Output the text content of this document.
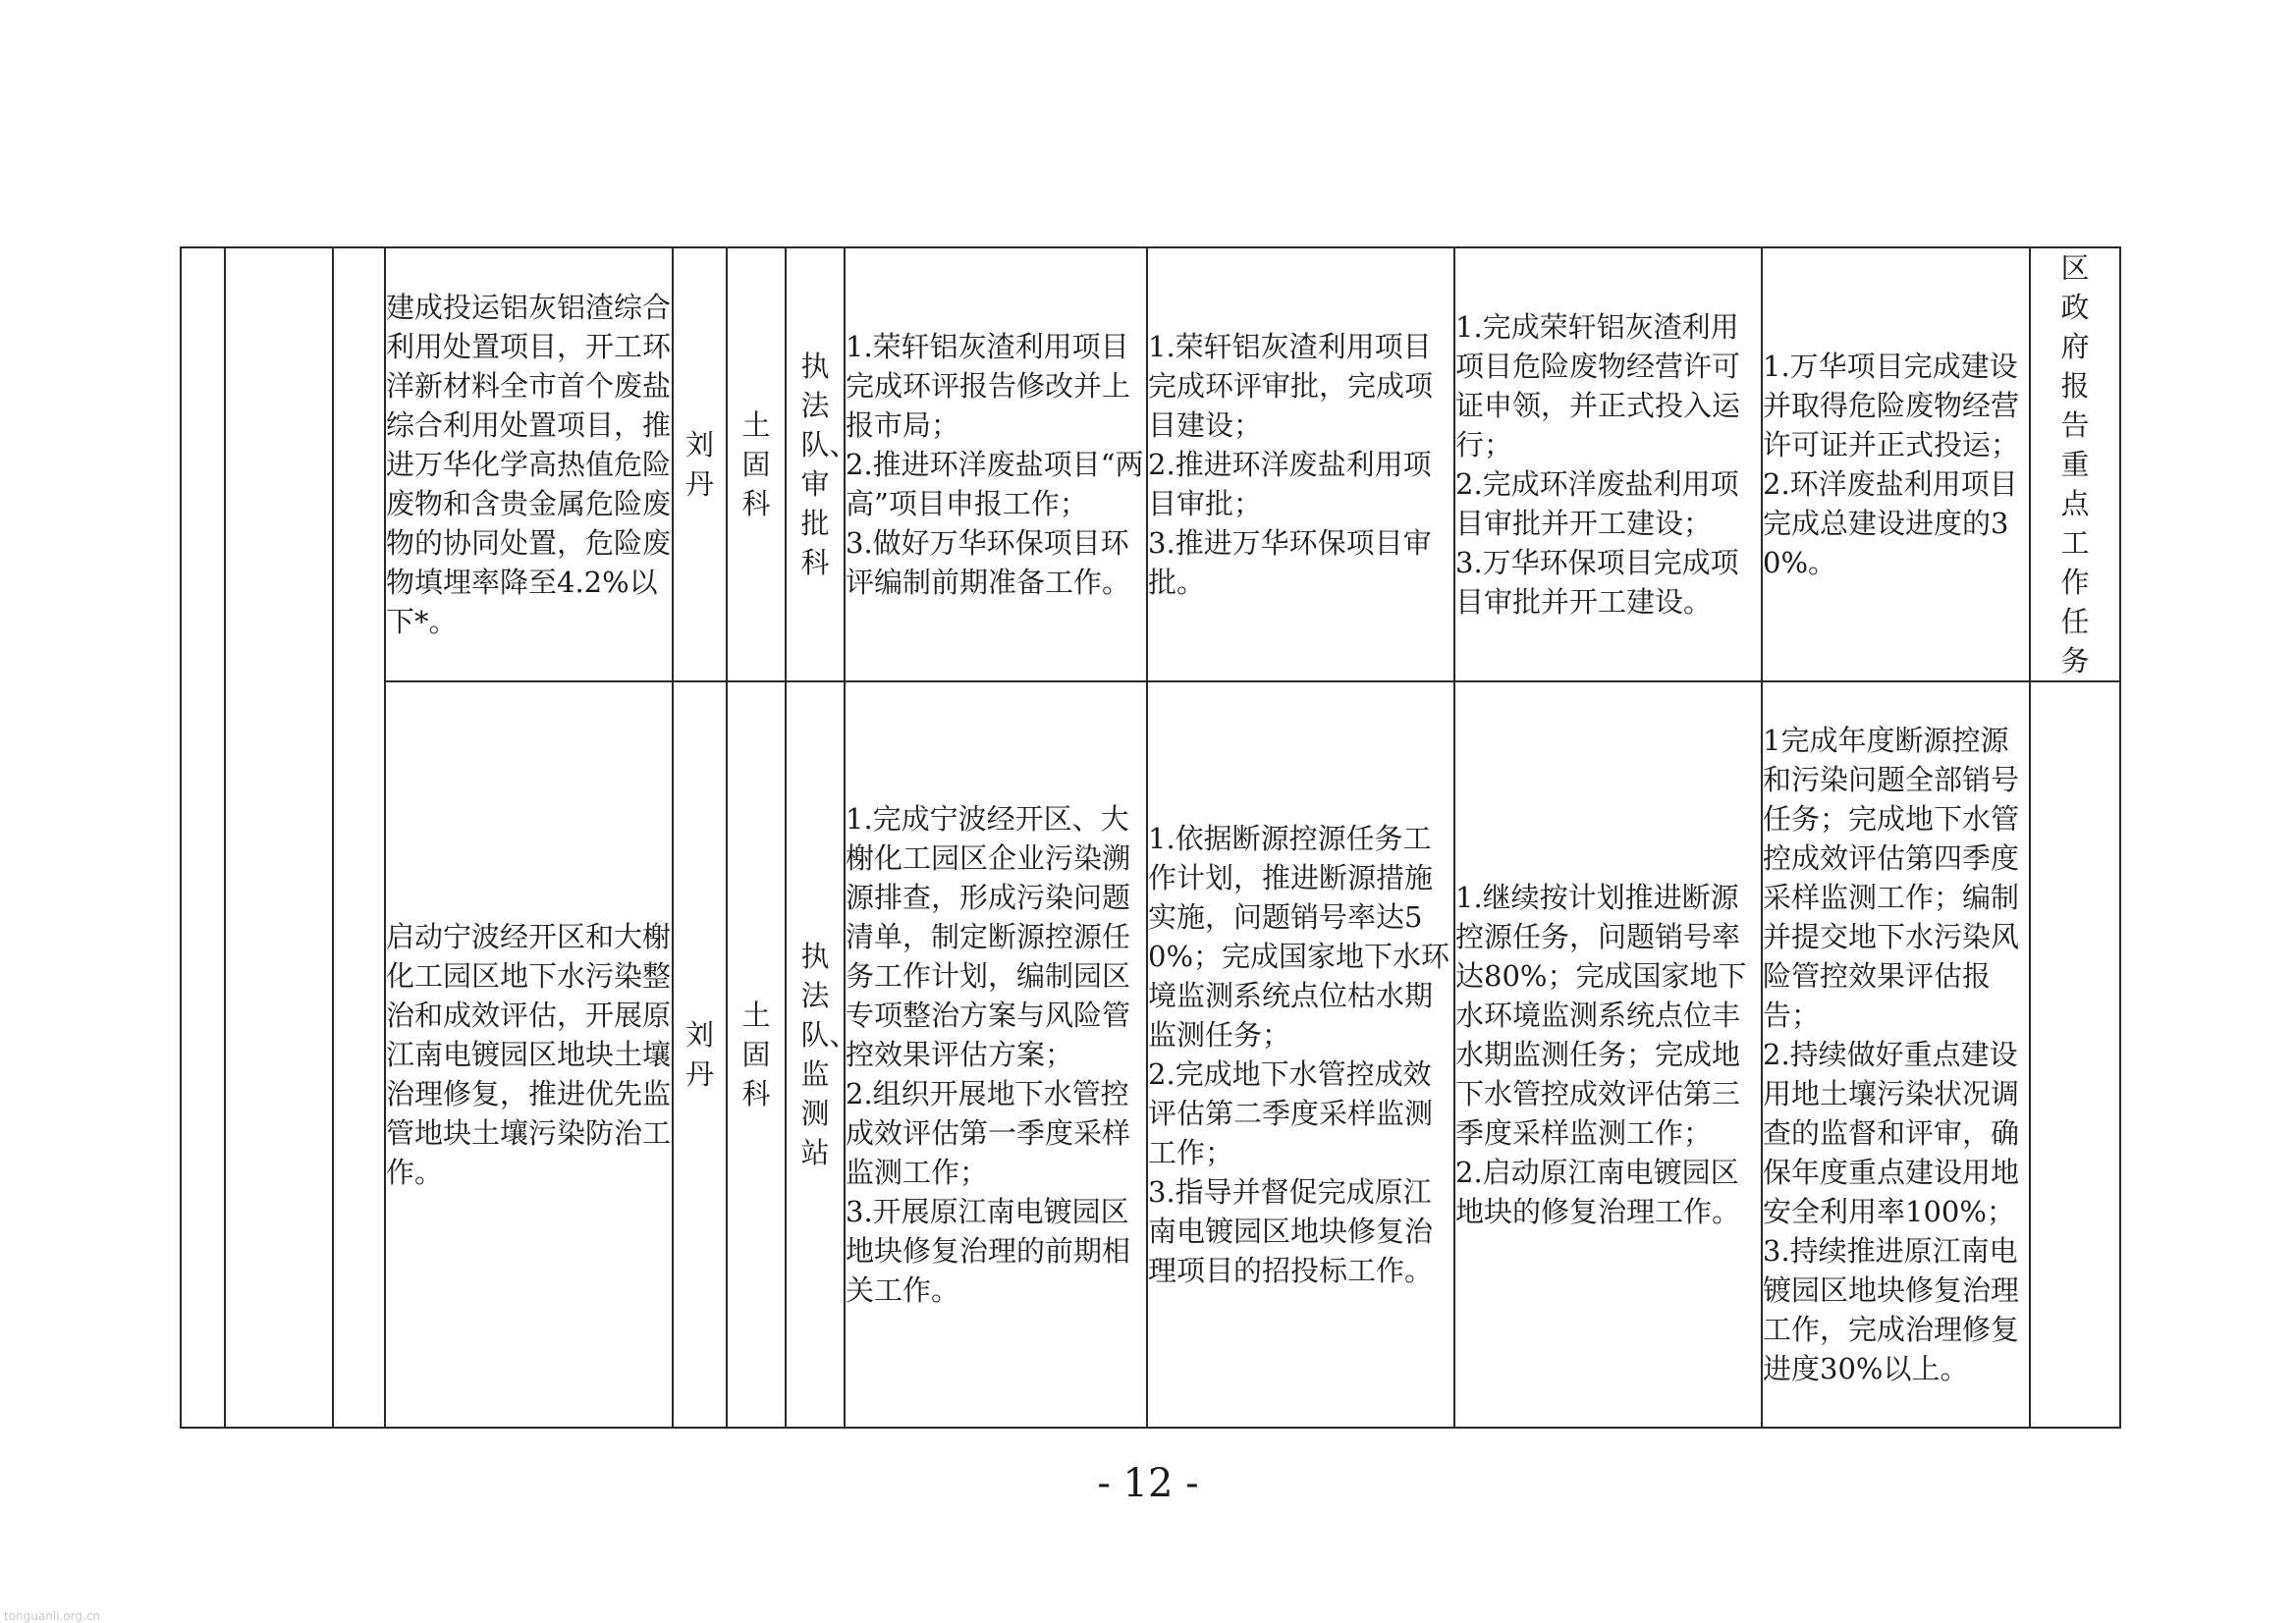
			建成投运铝灰铝渣综合利用处置项目，开工环洋新材料全市首个废盐综合利用处置项目，推进万华化学高热值危险废物和含贵金属危险废物的协同处置，危险废物填埋率降至4.2%以下*。	刘丹	土固科	执法队、审批科	1.荣轩铝灰渣利用项目完成环评报告修改并上报市局；
2.推进环洋废盐项目“两高”项目申报工作；
3.做好万华环保项目环评编制前期准备工作。	1.荣轩铝灰渣利用项目完成环评审批，完成项目建设；
2.推进环洋废盐利用项目审批；
3.推进万华环保项目审批。	1.完成荣轩铝灰渣利用项目危险废物经营许可证申领，并正式投入运行；
2.完成环洋废盐利用项目审批并开工建设；
3.万华环保项目完成项目审批并开工建设。	1.万华项目完成建设并取得危险废物经营许可证并正式投运；
2.环洋废盐利用项目完成总建设进度的30%。	区政府报告重点工作任务

			启动宁波经开区和大榭化工园区地下水污染整治和成效评估，开展原江南电镀园区地块土壤治理修复，推进优先监管地块土壤污染防治工作。	刘丹	土固科	执法队、监测站	1.完成宁波经开区、大榭化工园区企业污染溯源排查，形成污染问题清单，制定断源控源任务工作计划，编制园区专项整治方案与风险管控效果评估方案；
2.组织开展地下水管控成效评估第一季度采样监测工作；
3.开展原江南电镀园区地块修复治理的前期相关工作。	1.依据断源控源任务工作计划，推进断源措施实施，问题销号率达50%；完成国家地下水环境监测系统点位枯水期监测任务；
2.完成地下水管控成效评估第二季度采样监测工作；
3.指导并督促完成原江南电镀园区地块修复治理项目的招投标工作。	1.继续按计划推进断源控源任务，问题销号率达80%；完成国家地下水环境监测系统点位丰水期监测任务；完成地下水管控成效评估第三季度采样监测工作；
2.启动原江南电镀园区地块的修复治理工作。	1完成年度断源控源和污染问题全部销号任务；完成地下水管控成效评估第四季度采样监测工作；编制并提交地下水污染风险管控效果评估报告；
2.持续做好重点建设用地土壤污染状况调查的监督和评审，确保年度重点建设用地安全利用率100%；
3.持续推进原江南电镀园区地块修复治理工作，完成治理修复进度30%以上。	

- 12 -
tonguanli.org.cn
